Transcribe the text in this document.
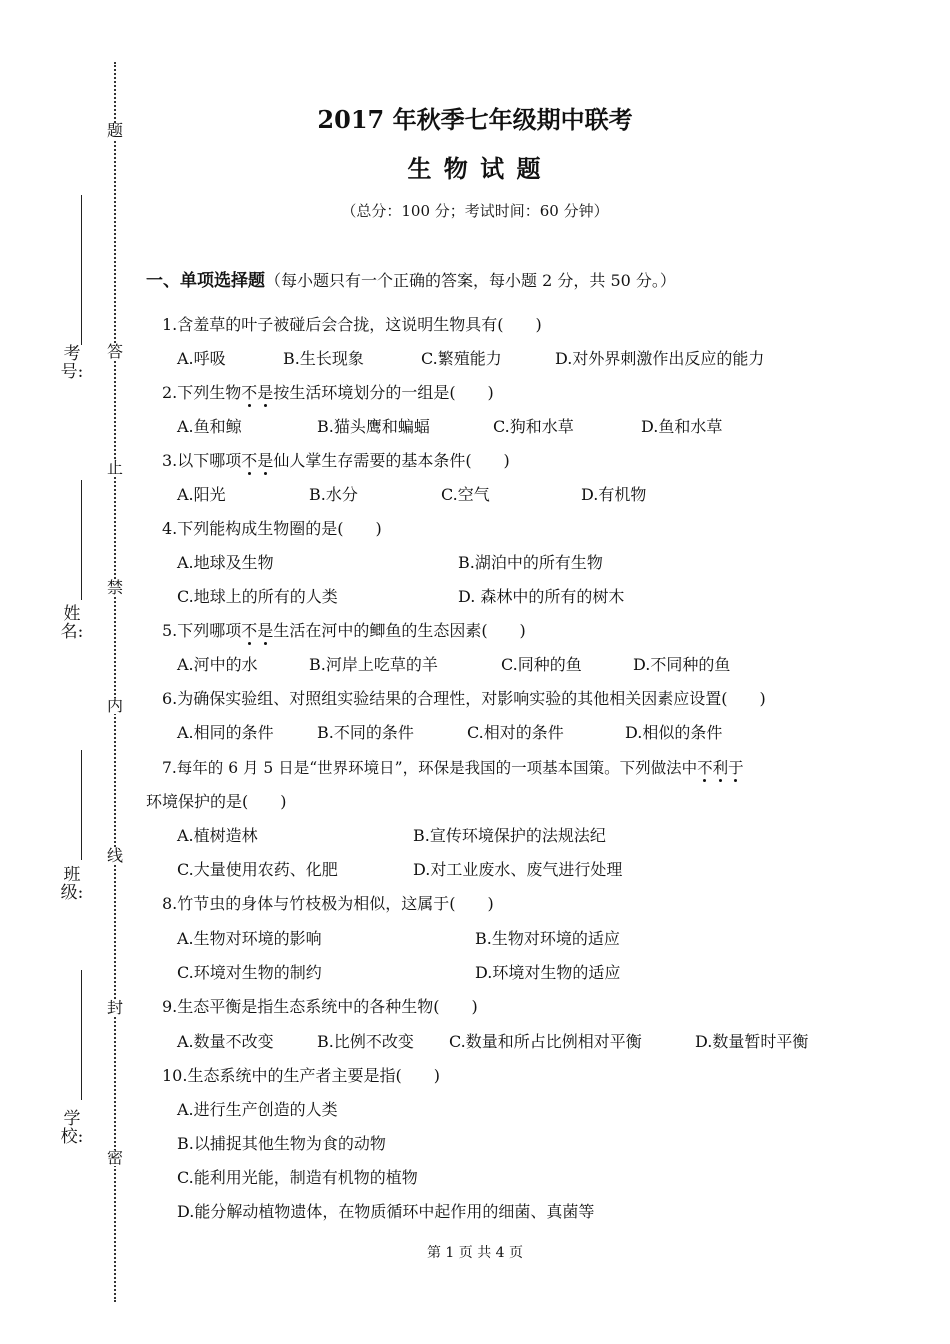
考号:
姓名:
班级:
学校:
题
答
止
禁
内
线
封
密
2017 年秋季七年级期中联考
生 物 试 题
（总分：100 分；考试时间：60 分钟）
一、单项选择题（每小题只有一个正确的答案，每小题 2 分，共 50 分。）
1.含羞草的叶子被碰后会合拢，这说明生物具有(　　)
A.呼吸	B.生长现象	C.繁殖能力	D.对外界刺激作出反应的能力
2.下列生物不是按生活环境划分的一组是(　　)
A.鱼和鲸	B.猫头鹰和蝙蝠	C.狗和水草	D.鱼和水草
3.以下哪项不是仙人掌生存需要的基本条件(　　)
A.阳光	B.水分	C.空气	D.有机物
4.下列能构成生物圈的是(　　)
A.地球及生物	B.湖泊中的所有生物
C.地球上的所有的人类	D. 森林中的所有的树木
5.下列哪项不是生活在河中的鲫鱼的生态因素(　　)
A.河中的水	B.河岸上吃草的羊	C.同种的鱼	D.不同种的鱼
6.为确保实验组、对照组实验结果的合理性，对影响实验的其他相关因素应设置(　　)
A.相同的条件	B.不同的条件	C.相对的条件	D.相似的条件
7.每年的 6 月 5 日是“世界环境日”，环保是我国的一项基本国策。下列做法中不利于
环境保护的是(　　)
A.植树造林	B.宣传环境保护的法规法纪
C.大量使用农药、化肥	D.对工业废水、废气进行处理
8.竹节虫的身体与竹枝极为相似，这属于(　　)
A.生物对环境的影响	B.生物对环境的适应
C.环境对生物的制约	D.环境对生物的适应
9.生态平衡是指生态系统中的各种生物(　　)
A.数量不改变	B.比例不改变 C.数量和所占比例相对平衡	D.数量暂时平衡
10.生态系统中的生产者主要是指(　　)
A.进行生产创造的人类
B.以捕捉其他生物为食的动物
C.能利用光能，制造有机物的植物
D.能分解动植物遗体，在物质循环中起作用的细菌、真菌等
第 1 页 共 4 页
